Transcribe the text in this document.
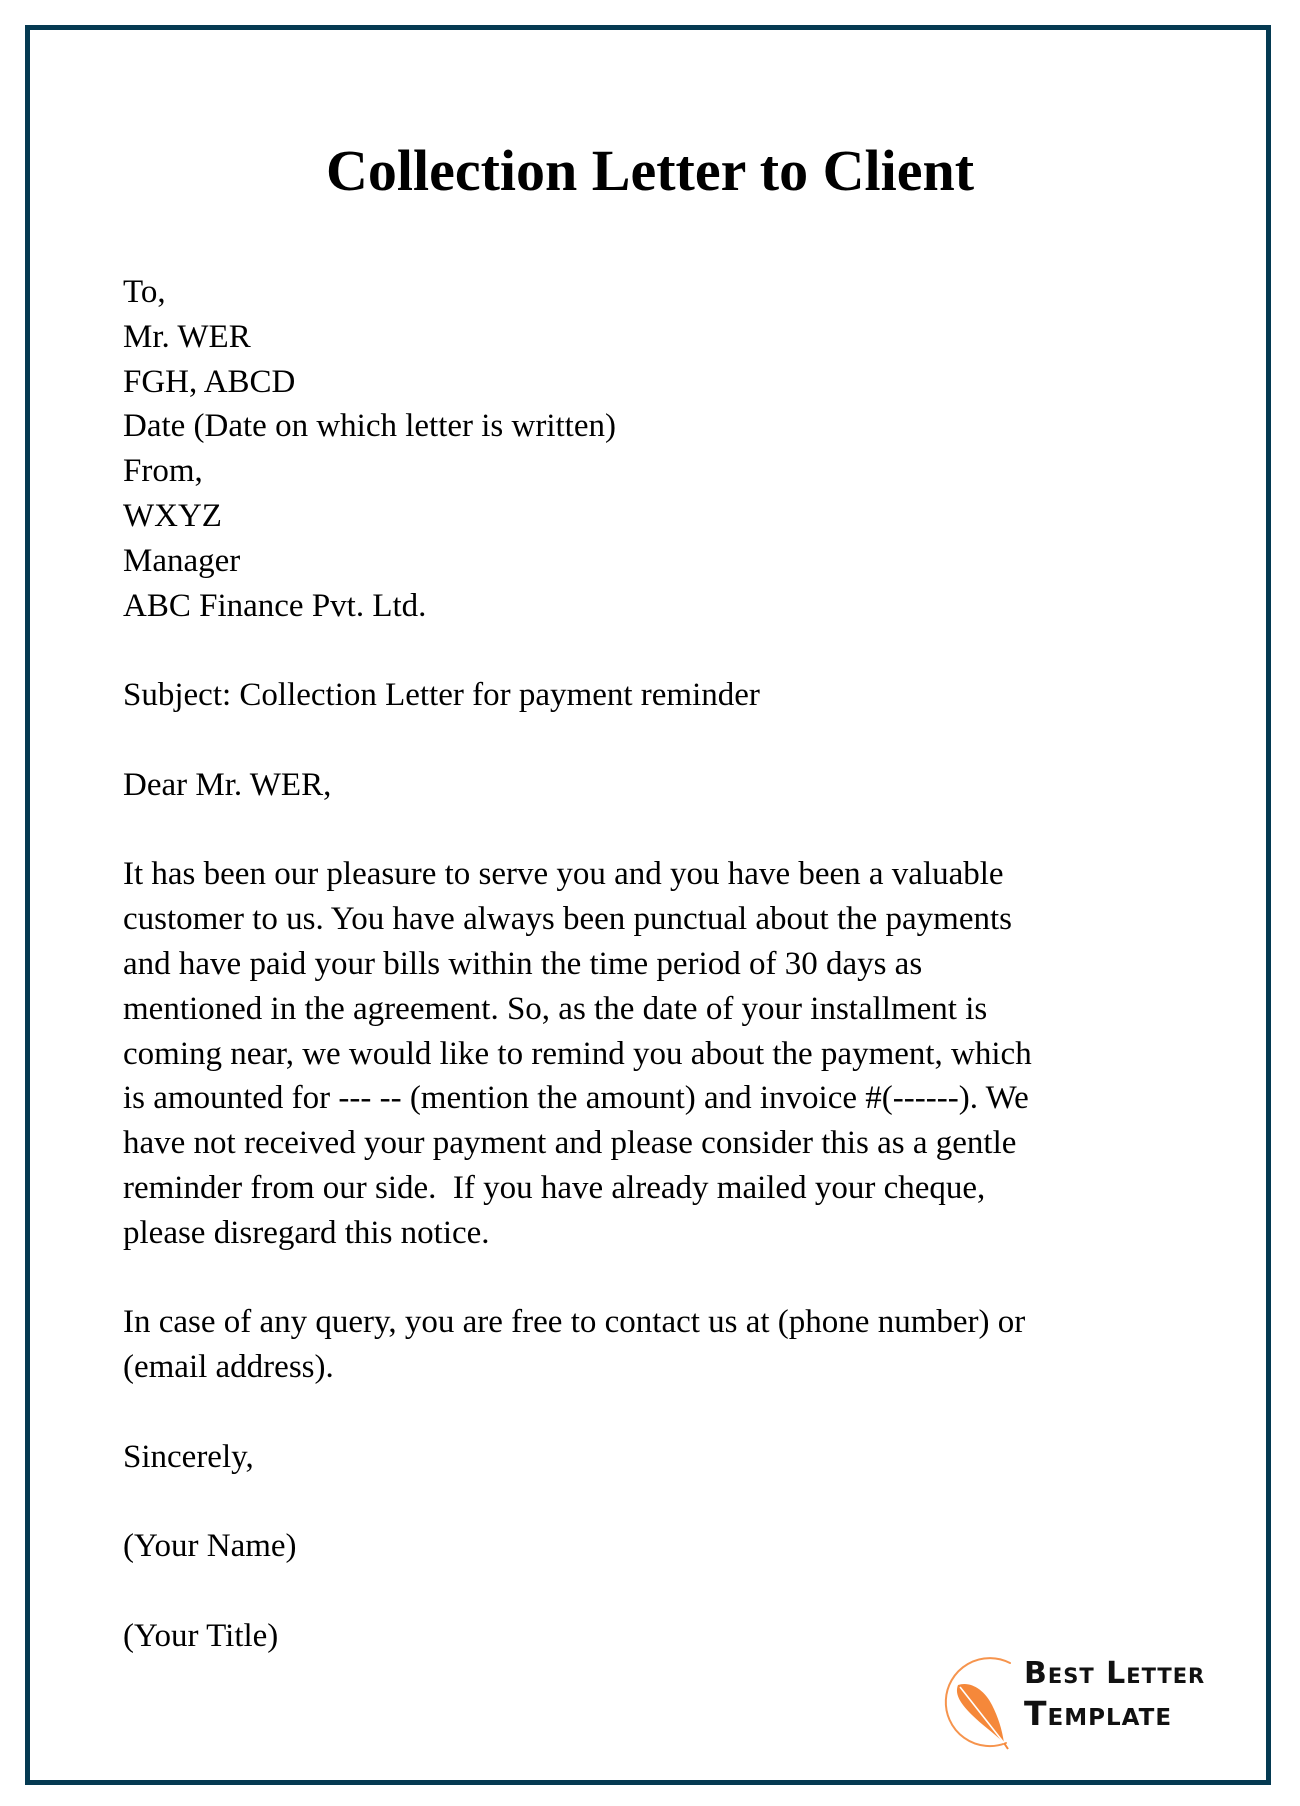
Collection Letter to Client
To,
Mr. WER
FGH, ABCD
Date (Date on which letter is written)
From,
WXYZ
Manager
ABC Finance Pvt. Ltd.
Subject: Collection Letter for payment reminder
Dear Mr. WER,
It has been our pleasure to serve you and you have been a valuable
customer to us. You have always been punctual about the payments
and have paid your bills within the time period of 30 days as
mentioned in the agreement. So, as the date of your installment is
coming near, we would like to remind you about the payment, which
is amounted for --- -- (mention the amount) and invoice #(------). We
have not received your payment and please consider this as a gentle
reminder from our side.  If you have already mailed your cheque,
please disregard this notice.
In case of any query, you are free to contact us at (phone number) or
(email address).
Sincerely,
(Your Name)
(Your Title)
Best Letter
Template
